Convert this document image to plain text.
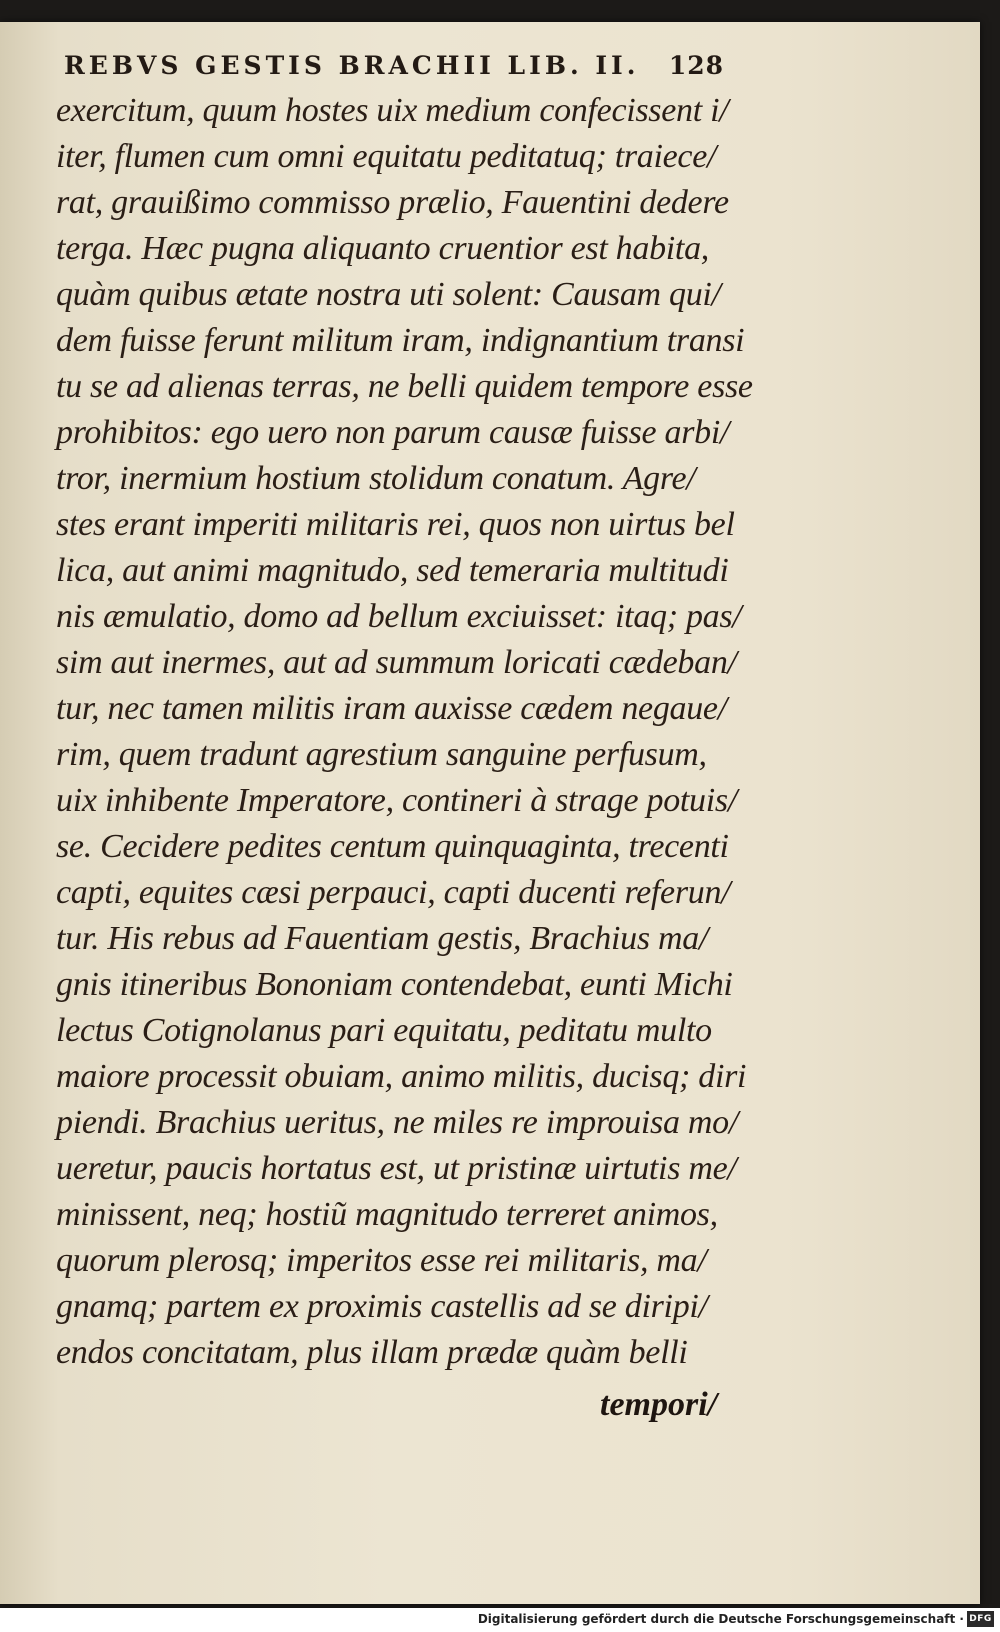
REBVS GESTIS BRACHII LIB. II. 128
exercitum, quum hostes uix medium confecissent i/
iter, flumen cum omni equitatu peditatuq; traiece/
rat, grauißimo commisso prælio, Fauentini dedere
terga. Hæc pugna aliquanto cruentior est habita,
quàm quibus ætate nostra uti solent: Causam qui/
dem fuisse ferunt militum iram, indignantium transi
tu se ad alienas terras, ne belli quidem tempore esse
prohibitos: ego uero non parum causæ fuisse arbi/
tror, inermium hostium stolidum conatum. Agre/
stes erant imperiti militaris rei, quos non uirtus bel
lica, aut animi magnitudo, sed temeraria multitudi
nis æmulatio, domo ad bellum exciuisset: itaq; pas/
sim aut inermes, aut ad summum loricati cædeban/
tur, nec tamen militis iram auxisse cædem negaue/
rim, quem tradunt agrestium sanguine perfusum,
uix inhibente Imperatore, contineri à strage potuis/
se. Cecidere pedites centum quinquaginta, trecenti
capti, equites cæsi perpauci, capti ducenti referun/
tur. His rebus ad Fauentiam gestis, Brachius ma/
gnis itineribus Bononiam contendebat, eunti Michi
lectus Cotignolanus pari equitatu, peditatu multo
maiore processit obuiam, animo militis, ducisq; diri
piendi. Brachius ueritus, ne miles re improuisa mo/
ueretur, paucis hortatus est, ut pristinæ uirtutis me/
minissent, neq; hostiũ magnitudo terreret animos,
quorum plerosq; imperitos esse rei militaris, ma/
gnamq; partem ex proximis castellis ad se diripi/
endos concitatam, plus illam prædæ quàm belli
tempori/
Digitalisierung gefördert durch die Deutsche Forschungsgemeinschaft · DFG
